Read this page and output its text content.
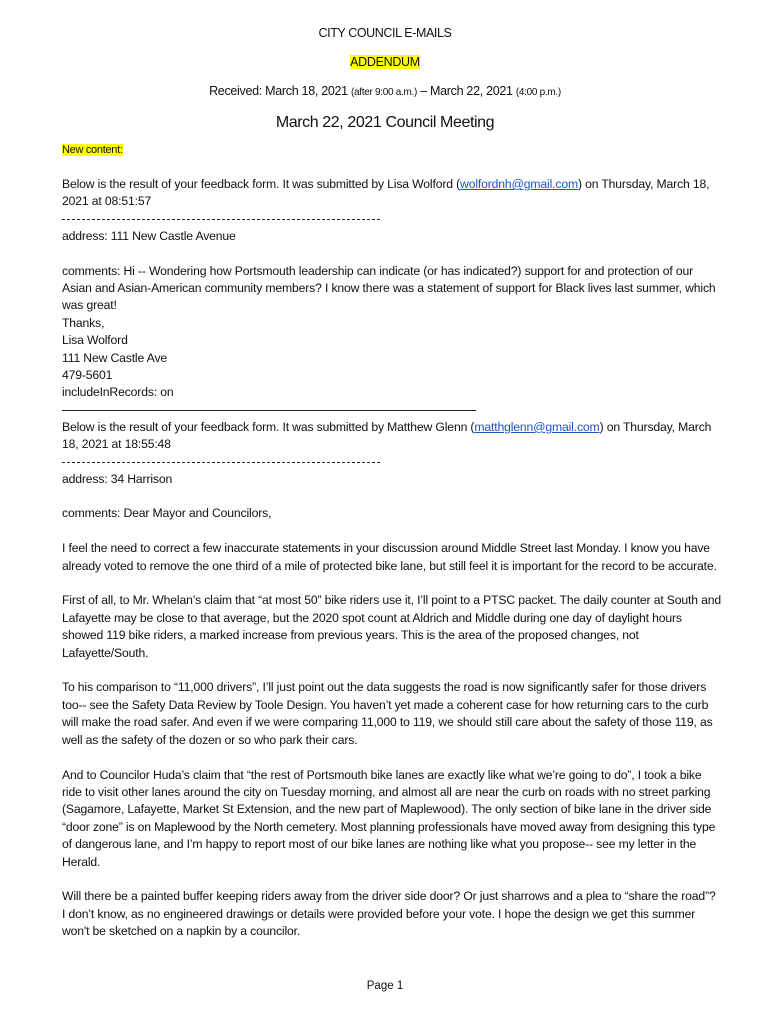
CITY COUNCIL E-MAILS
ADDENDUM
Received: March 18, 2021 (after 9:00 a.m.) – March 22, 2021 (4:00 p.m.)
March 22, 2021 Council Meeting
New content:

Below is the result of your feedback form. It was submitted by Lisa Wolford (wolfordnh@gmail.com) on Thursday, March 18, 2021 at 08:51:57

address: 111 New Castle Avenue

comments: Hi -- Wondering how Portsmouth leadership can indicate (or has indicated?) support for and protection of our Asian and Asian-American community members? I know there was a statement of support for Black lives last summer, which was great!

Thanks,

Lisa Wolford

111 New Castle Ave

479-5601

includeInRecords: on

Below is the result of your feedback form. It was submitted by Matthew Glenn (matthglenn@gmail.com) on Thursday, March 18, 2021 at 18:55:48

address: 34 Harrison

comments: Dear Mayor and Councilors,

I feel the need to correct a few inaccurate statements in your discussion around Middle Street last Monday. I know you have already voted to remove the one third of a mile of protected bike lane, but still feel it is important for the record to be accurate.

First of all, to Mr. Whelan’s claim that “at most 50” bike riders use it, I’ll point to a PTSC packet. The daily counter at South and Lafayette may be close to that average, but the 2020 spot count at Aldrich and Middle during one day of daylight hours showed 119 bike riders, a marked increase from previous years. This is the area of the proposed changes, not Lafayette/South.

To his comparison to “11,000 drivers”, I’ll just point out the data suggests the road is now significantly safer for those drivers too-- see the Safety Data Review by Toole Design. You haven’t yet made a coherent case for how returning cars to the curb will make the road safer. And even if we were comparing 11,000 to 119, we should still care about the safety of those 119, as well as the safety of the dozen or so who park their cars.

And to Councilor Huda’s claim that “the rest of Portsmouth bike lanes are exactly like what we’re going to do”, I took a bike ride to visit other lanes around the city on Tuesday morning, and almost all are near the curb on roads with no street parking (Sagamore, Lafayette, Market St Extension, and the new part of Maplewood). The only section of bike lane in the driver side “door zone” is on Maplewood by the North cemetery. Most planning professionals have moved away from designing this type of dangerous lane, and I’m happy to report most of our bike lanes are nothing like what you propose-- see my letter in the Herald.

Will there be a painted buffer keeping riders away from the driver side door? Or just sharrows and a plea to “share the road”? I don’t know, as no engineered drawings or details were provided before your vote. I hope the design we get this summer won't be sketched on a napkin by a councilor.

Page 1
